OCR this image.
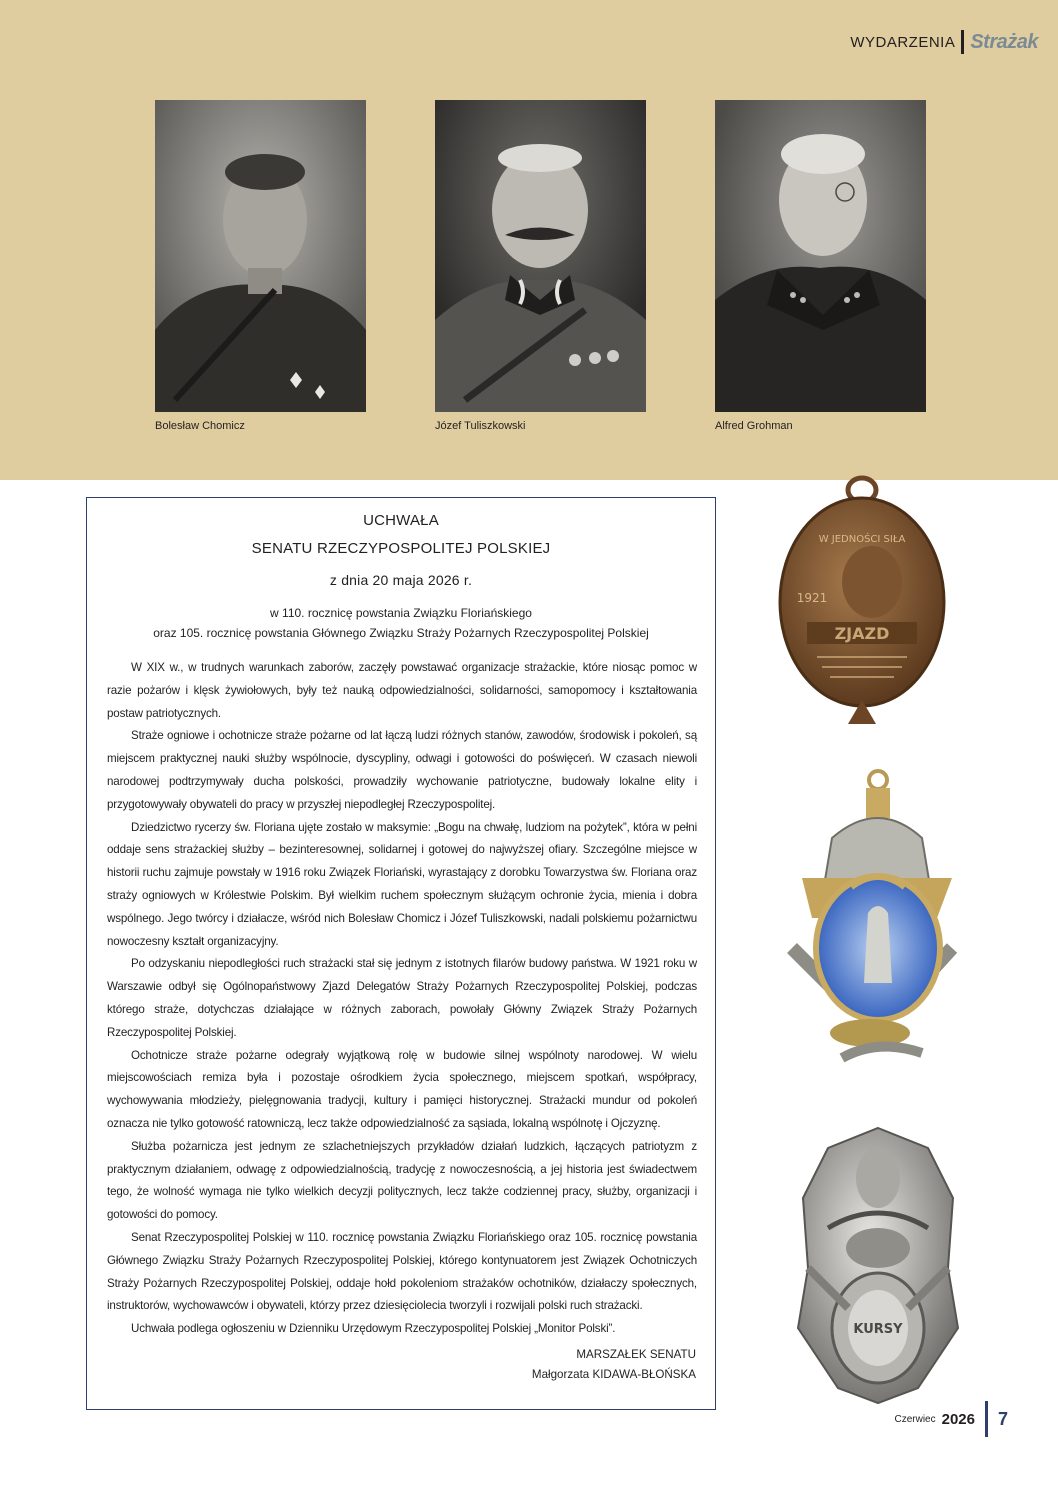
WYDARZENIA Strażak
Bolesław Chomicz	Józef Tuliszkowski	Alfred Grohman
UCHWAŁA
SENATU RZECZYPOSPOLITEJ POLSKIEJ
z dnia 20 maja 2026 r.
w 110. rocznicę powstania Związku Floriańskiego
oraz 105. rocznicę powstania Głównego Związku Straży Pożarnych Rzeczypospolitej Polskiej

W XIX w., w trudnych warunkach zaborów, zaczęły powstawać organizacje strażackie, które niosąc pomoc w razie pożarów i klęsk żywiołowych, były też nauką odpowiedzialności, solidarności, samopomocy i kształtowania postaw patriotycznych.

Straże ogniowe i ochotnicze straże pożarne od lat łączą ludzi różnych stanów, zawodów, środowisk i pokoleń, są miejscem praktycznej nauki służby wspólnocie, dyscypliny, odwagi i gotowości do poświęceń. W czasach niewoli narodowej podtrzymywały ducha polskości, prowadziły wychowanie patriotyczne, budowały lokalne elity i przygotowywały obywateli do pracy w przyszłej niepodległej Rzeczypospolitej.

Dziedzictwo rycerzy św. Floriana ujęte zostało w maksymie: „Bogu na chwałę, ludziom na pożytek”, która w pełni oddaje sens strażackiej służby – bezinteresownej, solidarnej i gotowej do najwyższej ofiary. Szczególne miejsce w historii ruchu zajmuje powstały w 1916 roku Związek Floriański, wyrastający z dorobku Towarzystwa św. Floriana oraz straży ogniowych w Królestwie Polskim. Był wielkim ruchem społecznym służącym ochronie życia, mienia i dobra wspólnego. Jego twórcy i działacze, wśród nich Bolesław Chomicz i Józef Tuliszkowski, nadali polskiemu pożarnictwu nowoczesny kształt organizacyjny.

Po odzyskaniu niepodległości ruch strażacki stał się jednym z istotnych filarów budowy państwa. W 1921 roku w Warszawie odbył się Ogólnopaństwowy Zjazd Delegatów Straży Pożarnych Rzeczypospolitej Polskiej, podczas którego straże, dotychczas działające w różnych zaborach, powołały Główny Związek Straży Pożarnych Rzeczypospolitej Polskiej.

Ochotnicze straże pożarne odegrały wyjątkową rolę w budowie silnej wspólnoty narodowej. W wielu miejscowościach remiza była i pozostaje ośrodkiem życia społecznego, miejscem spotkań, współpracy, wychowywania młodzieży, pielęgnowania tradycji, kultury i pamięci historycznej. Strażacki mundur od pokoleń oznacza nie tylko gotowość ratowniczą, lecz także odpowiedzialność za sąsiada, lokalną wspólnotę i Ojczyznę.

Służba pożarnicza jest jednym ze szlachetniejszych przykładów działań ludzkich, łączących patriotyzm z praktycznym działaniem, odwagę z odpowiedzialnością, tradycję z nowoczesnością, a jej historia jest świadectwem tego, że wolność wymaga nie tylko wielkich decyzji politycznych, lecz także codziennej pracy, służby, organizacji i gotowości do pomocy.

Senat Rzeczypospolitej Polskiej w 110. rocznicę powstania Związku Floriańskiego oraz 105. rocznicę powstania Głównego Związku Straży Pożarnych Rzeczypospolitej Polskiej, którego kontynuatorem jest Związek Ochotniczych Straży Pożarnych Rzeczypospolitej Polskiej, oddaje hołd pokoleniom strażaków ochotników, działaczy społecznych, instruktorów, wychowawców i obywateli, którzy przez dziesięciolecia tworzyli i rozwijali polski ruch strażacki.

Uchwała podlega ogłoszeniu w Dzienniku Urzędowym Rzeczypospolitej Polskiej „Monitor Polski”.

MARSZAŁEK SENATU
Małgorzata KIDAWA-BŁOŃSKA
W JEDNOŚCI SIŁA
1921
ZJAZD
KURSY
Czerwiec 2026 7
